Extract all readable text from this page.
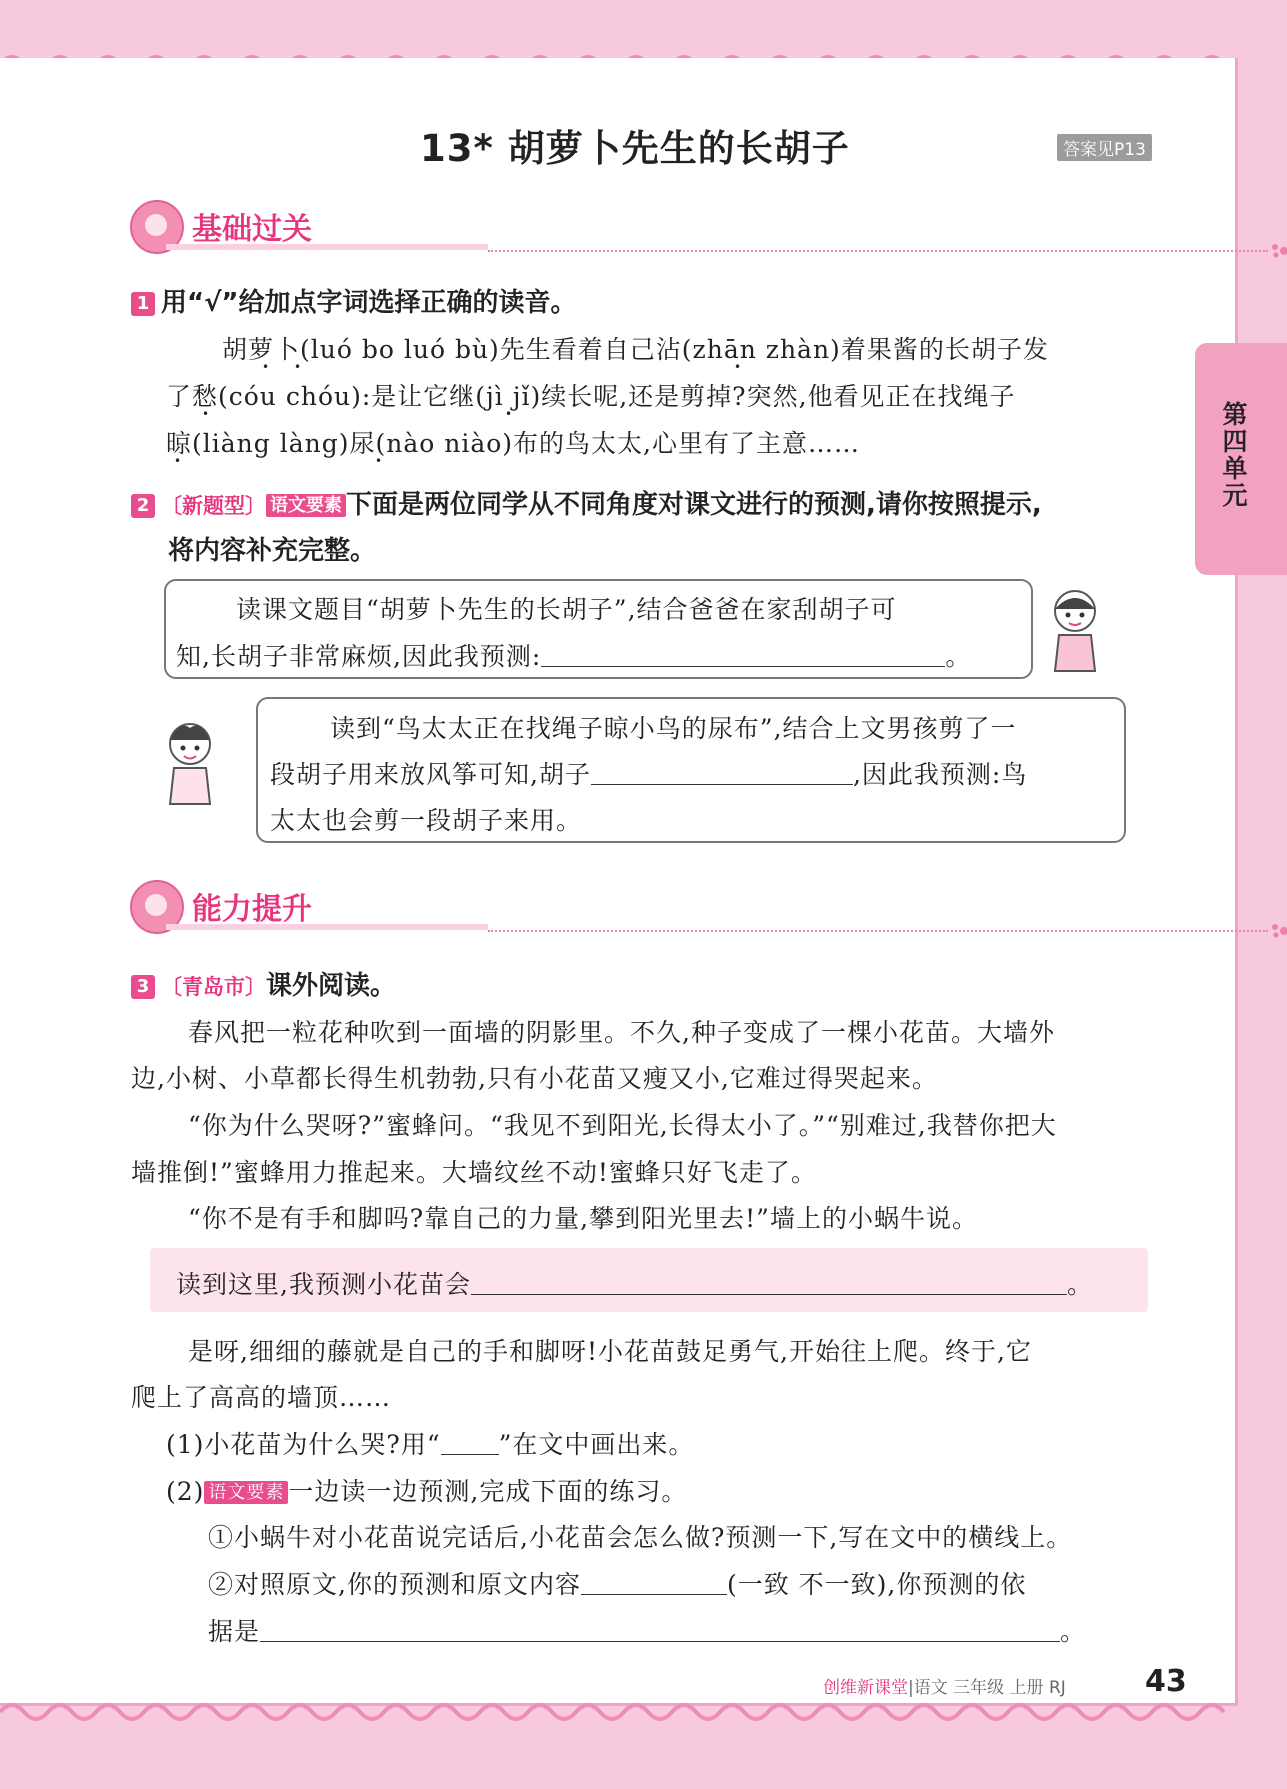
13* 胡萝卜先生的长胡子	答案见P13
第四单元
基础过关
1 用“√”给加点字词选择正确的读音。
胡萝卜(luó bo luó bù)先生看着自己沾(zhān zhàn)着果酱的长胡子发
了愁(cóu chóu):是让它继(jì jǐ)续长呢,还是剪掉?突然,他看见正在找绳子
晾(liàng làng)尿(nào niào)布的鸟太太,心里有了主意……
• •	•
•	•
•	•
2 〔新题型〕 语文要素 下面是两位同学从不同角度对课文进行的预测,请你按照提示,
将内容补充完整。
读课文题目“胡萝卜先生的长胡子”,结合爸爸在家刮胡子可
知,长胡子非常麻烦,因此我预测:	。
读到“鸟太太正在找绳子晾小鸟的尿布”,结合上文男孩剪了一
段胡子用来放风筝可知,胡子	,因此我预测:鸟
太太也会剪一段胡子来用。
能力提升
3 〔青岛市〕课外阅读。
春风把一粒花种吹到一面墙的阴影里。不久,种子变成了一棵小花苗。大墙外
边,小树、小草都长得生机勃勃,只有小花苗又瘦又小,它难过得哭起来。
“你为什么哭呀?”蜜蜂问。“我见不到阳光,长得太小了。”“别难过,我替你把大
墙推倒!”蜜蜂用力推起来。大墙纹丝不动!蜜蜂只好飞走了。
“你不是有手和脚吗?靠自己的力量,攀到阳光里去!”墙上的小蜗牛说。
读到这里,我预测小花苗会	。
是呀,细细的藤就是自己的手和脚呀!小花苗鼓足勇气,开始往上爬。终于,它
爬上了高高的墙顶……
(1)小花苗为什么哭?用“ ”在文中画出来。
(2) 语文要素 一边读一边预测,完成下面的练习。
①小蜗牛对小花苗说完话后,小花苗会怎么做?预测一下,写在文中的横线上。
②对照原文,你的预测和原文内容	(一致 不一致),你预测的依
据是	。
创维新课堂|语文 三年级 上册 RJ	43
